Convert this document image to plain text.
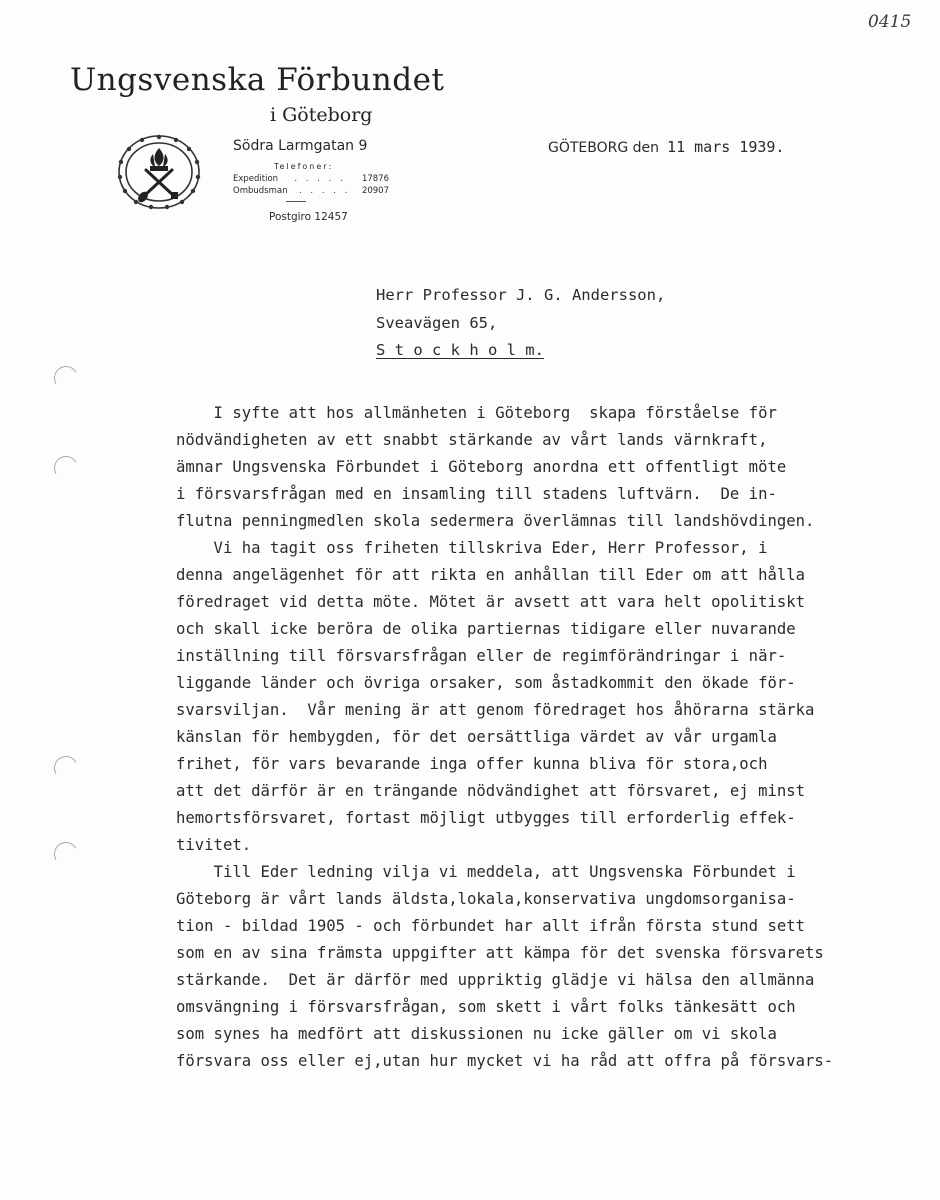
0415
Ungsvenska Förbundet
i Göteborg
Södra Larmgatan 9
Telefoner:
Expedition	. . . . .	17876
Ombudsman	. . . . .	20907
Postgiro 12457
GÖTEBORG den 11 mars 1939.
Herr Professor J. G. Andersson,
Sveavägen 65,
S t o c k h o l m.
I syfte att hos allmänheten i Göteborg  skapa förståelse för
nödvändigheten av ett snabbt stärkande av vårt lands värnkraft,
ämnar Ungsvenska Förbundet i Göteborg anordna ett offentligt möte
i försvarsfrågan med en insamling till stadens luftvärn.  De in-
flutna penningmedlen skola sedermera överlämnas till landshövdingen.
Vi ha tagit oss friheten tillskriva Eder, Herr Professor, i
denna angelägenhet för att rikta en anhållan till Eder om att hålla
föredraget vid detta möte. Mötet är avsett att vara helt opolitiskt
och skall icke beröra de olika partiernas tidigare eller nuvarande
inställning till försvarsfrågan eller de regimförändringar i när-
liggande länder och övriga orsaker, som åstadkommit den ökade för-
svarsviljan.  Vår mening är att genom föredraget hos åhörarna stärka
känslan för hembygden, för det oersättliga värdet av vår urgamla
frihet, för vars bevarande inga offer kunna bliva för stora,och
att det därför är en trängande nödvändighet att försvaret, ej minst
hemortsförsvaret, fortast möjligt utbygges till erforderlig effek-
tivitet.
Till Eder ledning vilja vi meddela, att Ungsvenska Förbundet i
Göteborg är vårt lands äldsta,lokala,konservativa ungdomsorganisa-
tion - bildad 1905 - och förbundet har allt ifrån första stund sett
som en av sina främsta uppgifter att kämpa för det svenska försvarets
stärkande.  Det är därför med uppriktig glädje vi hälsa den allmänna
omsvängning i försvarsfrågan, som skett i vårt folks tänkesätt och
som synes ha medfört att diskussionen nu icke gäller om vi skola
försvara oss eller ej,utan hur mycket vi ha råd att offra på försvars-
